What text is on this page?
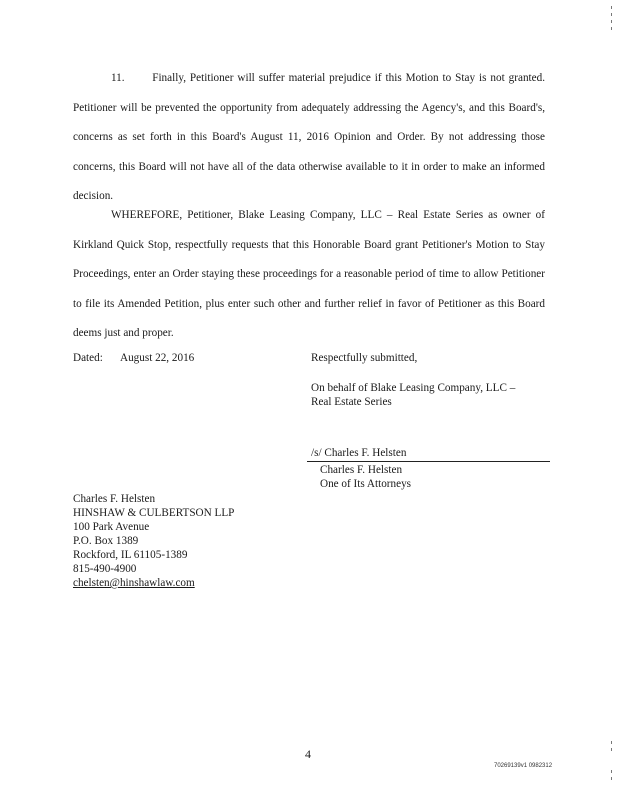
11. Finally, Petitioner will suffer material prejudice if this Motion to Stay is not granted. Petitioner will be prevented the opportunity from adequately addressing the Agency's, and this Board's, concerns as set forth in this Board's August 11, 2016 Opinion and Order. By not addressing those concerns, this Board will not have all of the data otherwise available to it in order to make an informed decision.

WHEREFORE, Petitioner, Blake Leasing Company, LLC – Real Estate Series as owner of Kirkland Quick Stop, respectfully requests that this Honorable Board grant Petitioner's Motion to Stay Proceedings, enter an Order staying these proceedings for a reasonable period of time to allow Petitioner to file its Amended Petition, plus enter such other and further relief in favor of Petitioner as this Board deems just and proper.

Dated: August 22, 2016	Respectfully submitted,
On behalf of Blake Leasing Company, LLC –
Real Estate Series
/s/ Charles F. Helsten
Charles F. Helsten
One of Its Attorneys
Charles F. Helsten
HINSHAW & CULBERTSON LLP
100 Park Avenue
P.O. Box 1389
Rockford, IL 61105-1389
815-490-4900
chelsten@hinshawlaw.com
4
70269139v1 0982312
